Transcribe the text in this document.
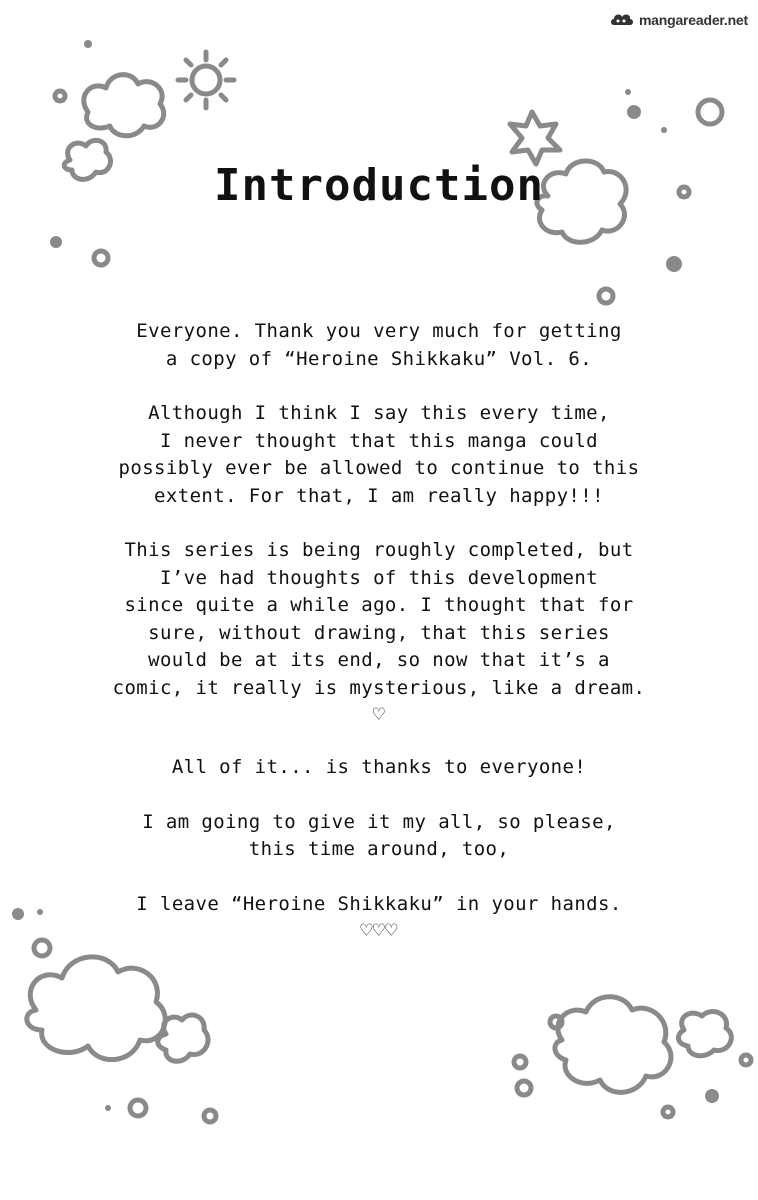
mangareader.net
Introduction
Everyone. Thank you very much for getting
a copy of “Heroine Shikkaku” Vol. 6.
Although I think I say this every time,
I never thought that this manga could
possibly ever be allowed to continue to this
extent. For that, I am really happy!!!
This series is being roughly completed, but
I’ve had thoughts of this development
since quite a while ago. I thought that for
sure, without drawing, that this series
would be at its end, so now that it’s a
comic, it really is mysterious, like a dream.
♡
All of it... is thanks to everyone!
I am going to give it my all, so please,
this time around, too,
I leave “Heroine Shikkaku” in your hands.
♡♡♡
